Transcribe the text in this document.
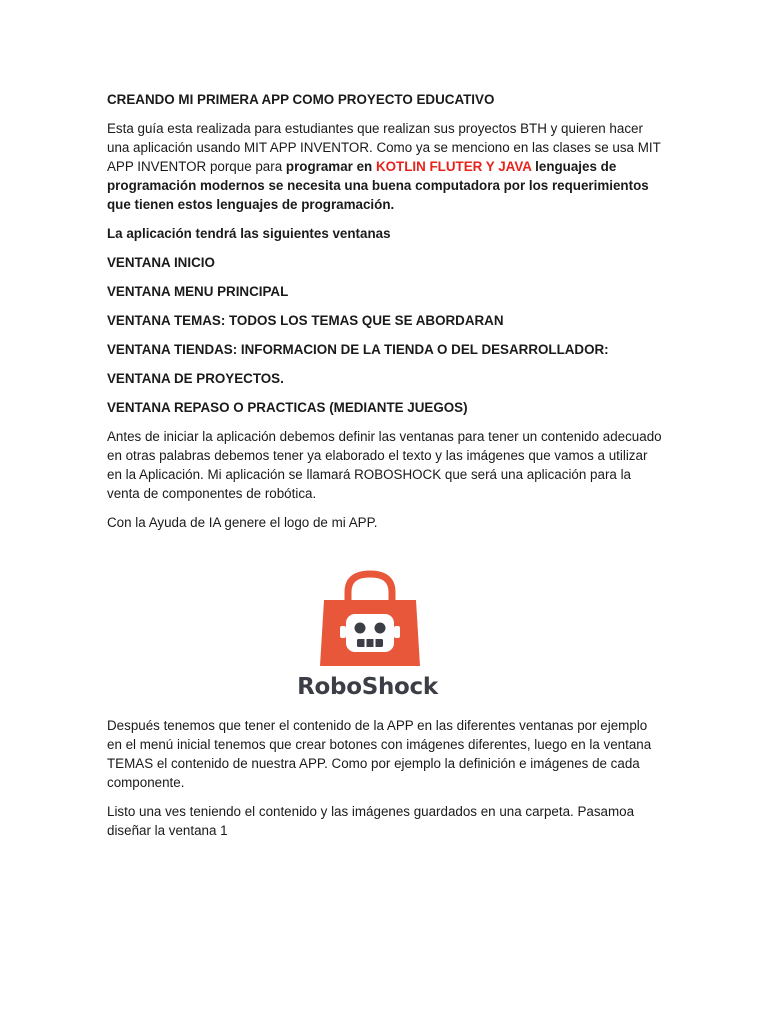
CREANDO MI PRIMERA APP COMO PROYECTO EDUCATIVO

Esta guía esta realizada para estudiantes que realizan sus proyectos BTH y quieren hacer una aplicación usando MIT APP INVENTOR. Como ya se menciono en las clases se usa MIT APP INVENTOR porque para programar en KOTLIN FLUTER Y JAVA lenguajes de programación modernos se necesita una buena computadora por los requerimientos que tienen estos lenguajes de programación.

La aplicación tendrá las siguientes ventanas

VENTANA INICIO

VENTANA MENU PRINCIPAL

VENTANA TEMAS: TODOS LOS TEMAS QUE SE ABORDARAN

VENTANA TIENDAS: INFORMACION DE LA TIENDA O DEL DESARROLLADOR:

VENTANA DE PROYECTOS.

VENTANA REPASO O PRACTICAS (MEDIANTE JUEGOS)

Antes de iniciar la aplicación debemos definir las ventanas para tener un contenido adecuado en otras palabras debemos tener ya elaborado el texto y las imágenes que vamos a utilizar en la Aplicación. Mi aplicación se llamará ROBOSHOCK que será una aplicación para la venta de componentes de robótica.

Con la Ayuda de IA genere el logo de mi APP.

RoboShock

Después tenemos que tener el contenido de la APP en las diferentes ventanas por ejemplo en el menú inicial tenemos que crear botones con imágenes diferentes, luego en la ventana TEMAS el contenido de nuestra APP. Como por ejemplo la definición e imágenes de cada componente.

Listo una ves teniendo el contenido y las imágenes guardados en una carpeta. Pasamoa diseñar la ventana 1
